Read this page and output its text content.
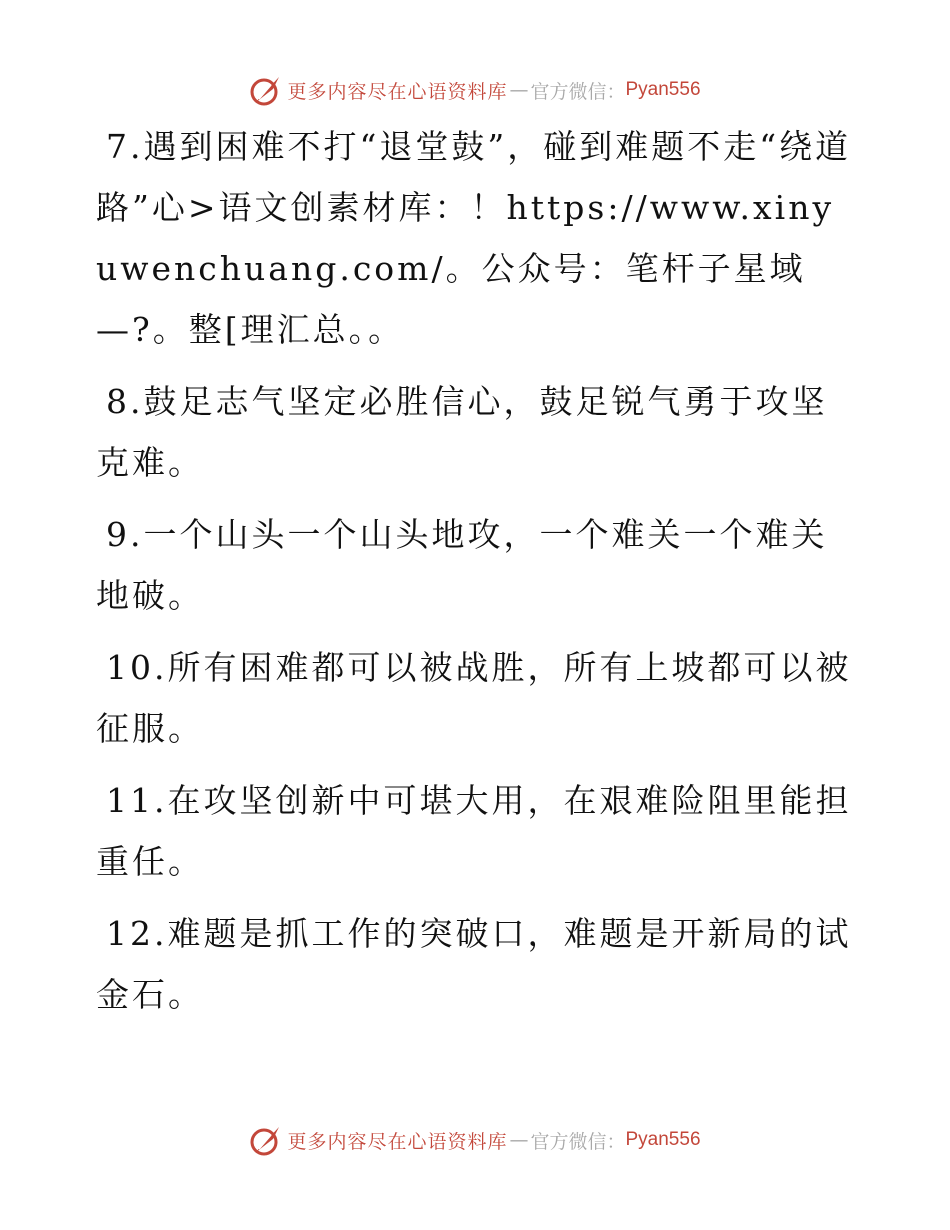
更多内容尽在心语资料库 — 官方微信： Pyan556

7.遇到困难不打“退堂鼓”，碰到难题不走“绕道路”心>语文创素材库：！https://www.xinyuwenchuang.com/。公众号：笔杆子星域—?。整[理汇总。。

8.鼓足志气坚定必胜信心，鼓足锐气勇于攻坚克难。

9.一个山头一个山头地攻，一个难关一个难关地破。

10.所有困难都可以被战胜，所有上坡都可以被征服。

11.在攻坚创新中可堪大用，在艰难险阻里能担重任。

12.难题是抓工作的突破口，难题是开新局的试金石。

更多内容尽在心语资料库 — 官方微信： Pyan556
